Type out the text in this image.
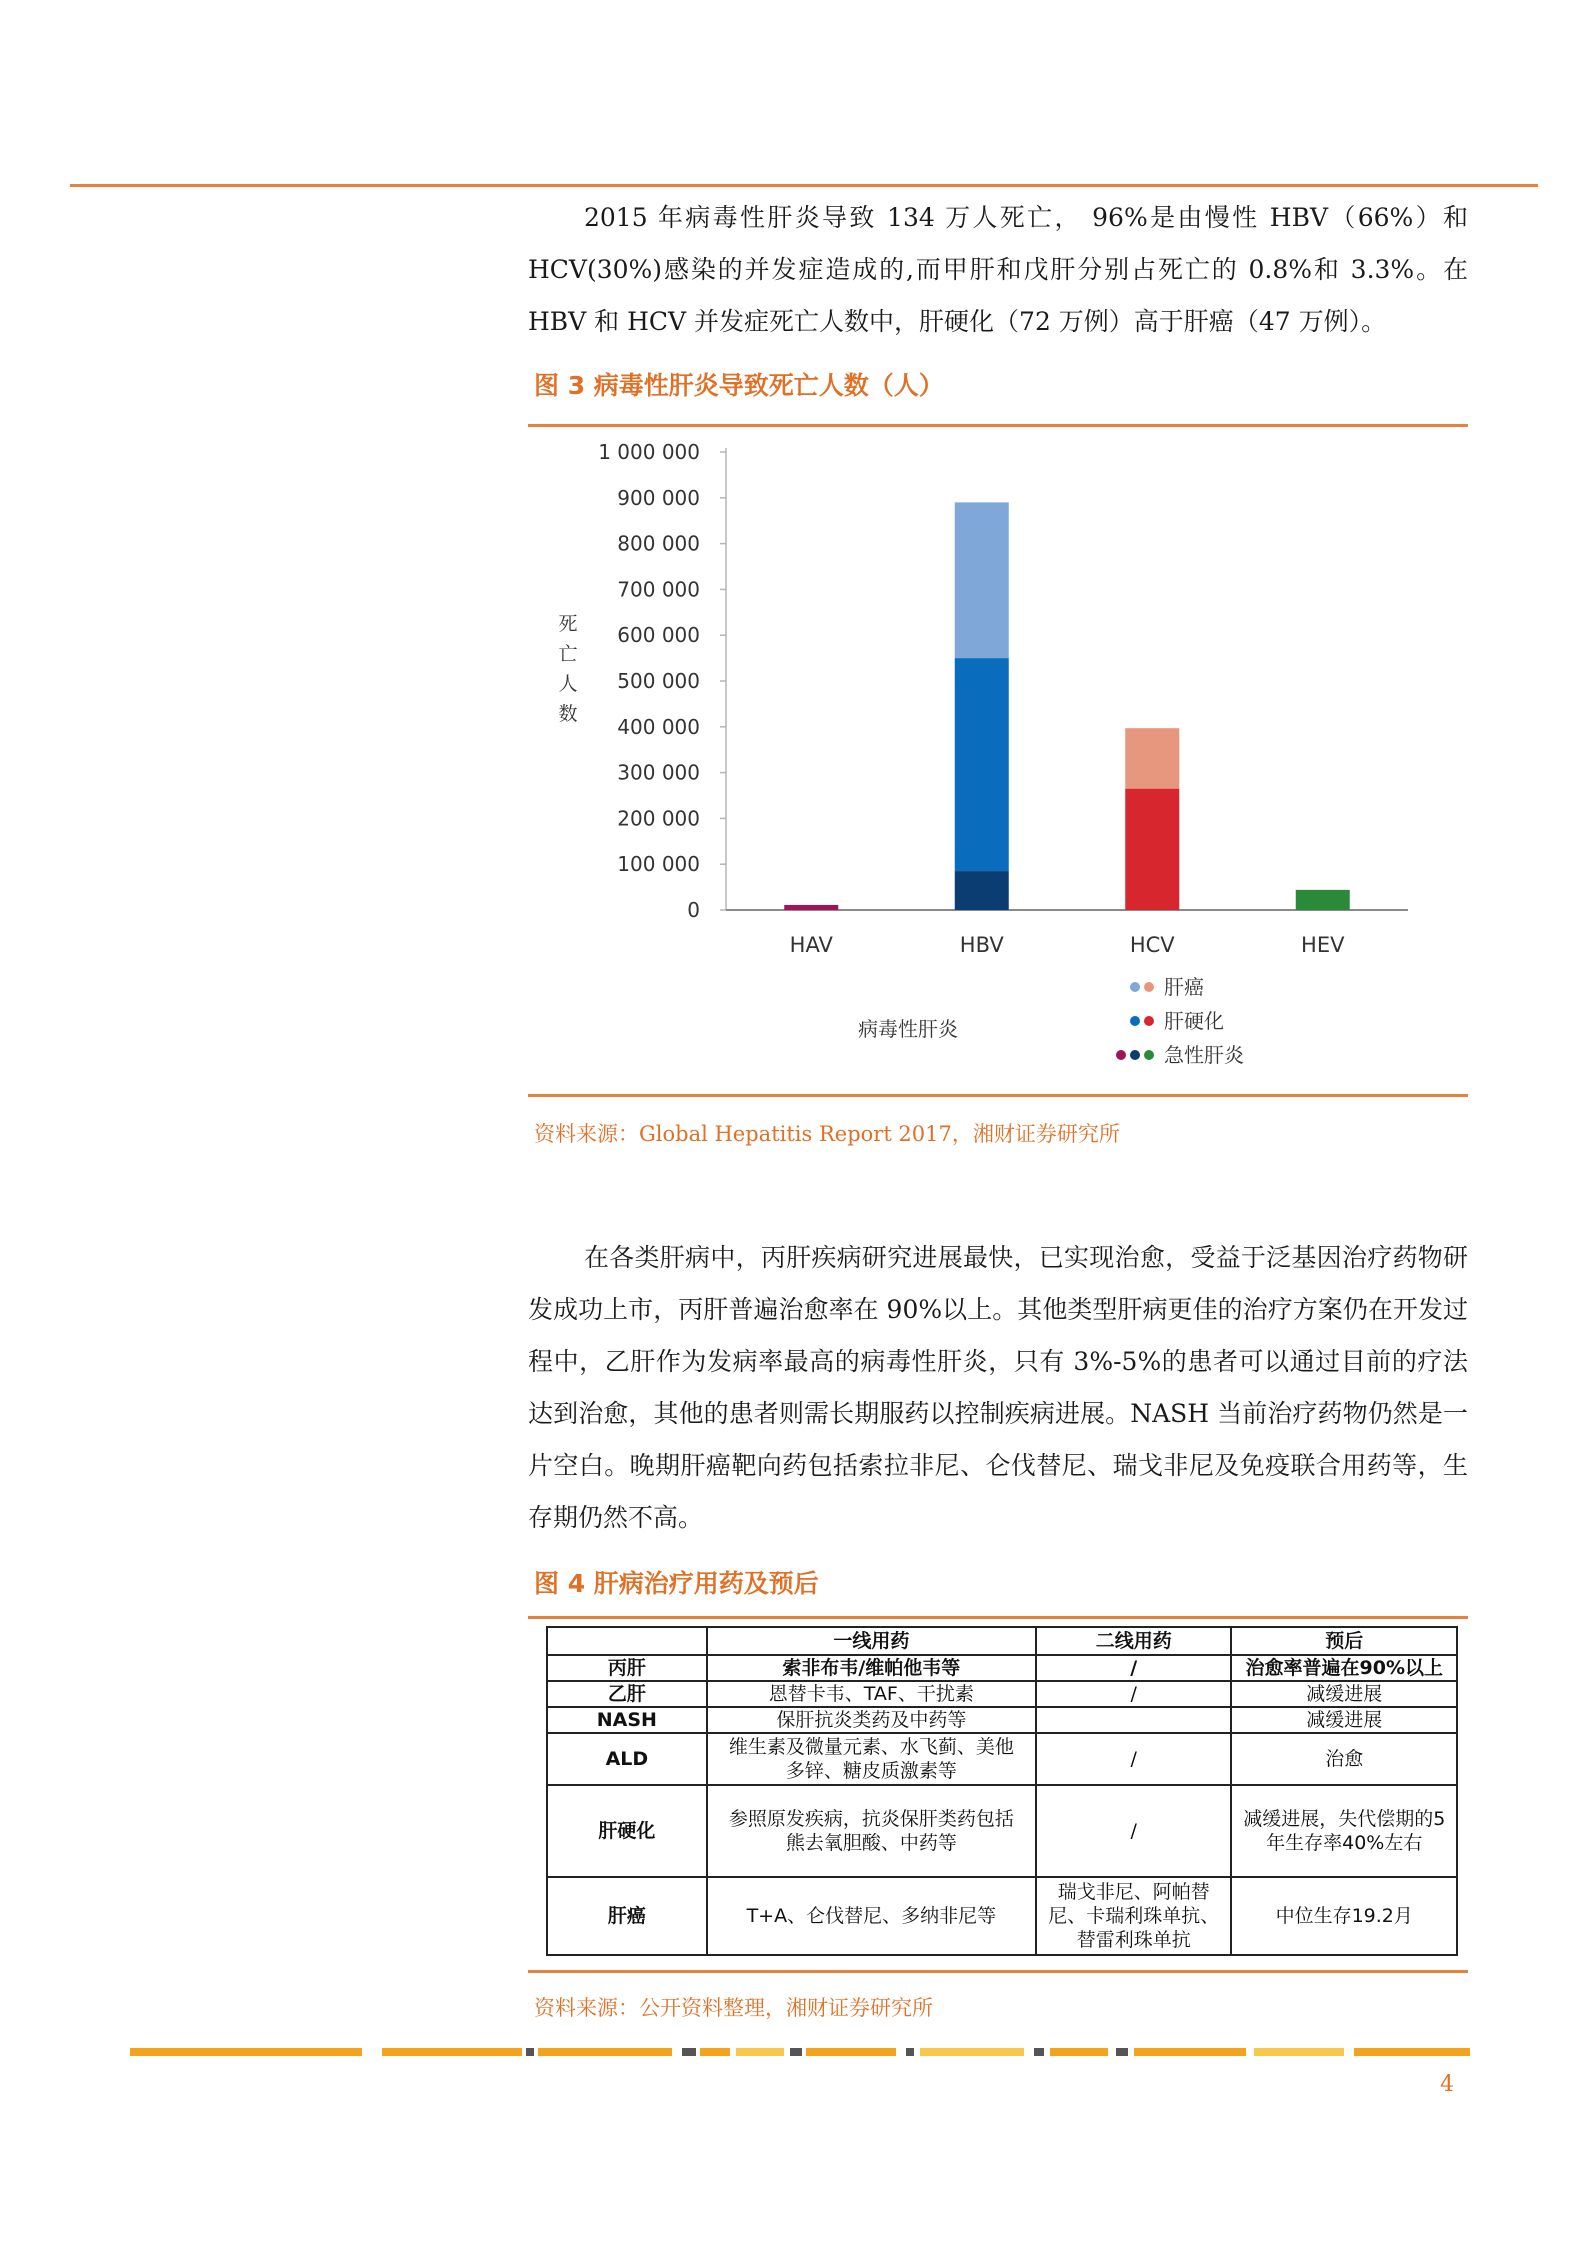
2015 年病毒性肝炎导致 134 万人死亡， 96%是由慢性 HBV（66%）和 HCV(30%)感染的并发症造成的,而甲肝和戊肝分别占死亡的 0.8%和 3.3%。在 HBV 和 HCV 并发症死亡人数中，肝硬化（72 万例）高于肝癌（47 万例）。

图 3 病毒性肝炎导致死亡人数（人）
0
100 000
200 000
300 000
400 000
500 000
600 000
700 000
800 000
900 000
1 000 000
死
亡
人
数
HAV	HBV	HCV	HEV
病毒性肝炎
肝癌
肝硬化
急性肝炎
资料来源：Global Hepatitis Report 2017，湘财证券研究所

在各类肝病中，丙肝疾病研究进展最快，已实现治愈，受益于泛基因治疗药物研发成功上市，丙肝普遍治愈率在 90%以上。其他类型肝病更佳的治疗方案仍在开发过程中，乙肝作为发病率最高的病毒性肝炎，只有 3%-5%的患者可以通过目前的疗法达到治愈，其他的患者则需长期服药以控制疾病进展。NASH 当前治疗药物仍然是一片空白。晚期肝癌靶向药包括索拉非尼、仑伐替尼、瑞戈非尼及免疫联合用药等，生存期仍然不高。

图 4 肝病治疗用药及预后
	一线用药	二线用药	预后
丙肝	索非布韦/维帕他韦等	/	治愈率普遍在90%以上
乙肝	恩替卡韦、TAF、干扰素	/	减缓进展
NASH	保肝抗炎类药及中药等		减缓进展
ALD	维生素及微量元素、水飞蓟、美他多锌、糖皮质激素等	/	治愈
肝硬化	参照原发疾病，抗炎保肝类药包括熊去氧胆酸、中药等	/	减缓进展，失代偿期的5年生存率40%左右
肝癌	T+A、仑伐替尼、多纳非尼等	瑞戈非尼、阿帕替尼、卡瑞利珠单抗、替雷利珠单抗	中位生存19.2月
资料来源：公开资料整理，湘财证券研究所
4
